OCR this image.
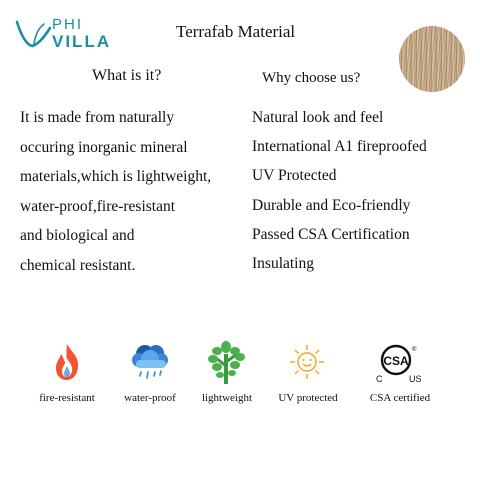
PHI
VILLA
Terrafab Material
What is it?	Why choose us?
It is made from naturally
occuring inorganic mineral
materials,which is lightweight,
water-proof,fire-resistant
and biological and
chemical resistant.
Natural look and feel
International A1 fireproofed
UV Protected
Durable and Eco-friendly
Passed CSA Certification
Insulating
fire-resistant	water-proof	lightweight	UV protected
CSA
C	US
®
CSA certified
